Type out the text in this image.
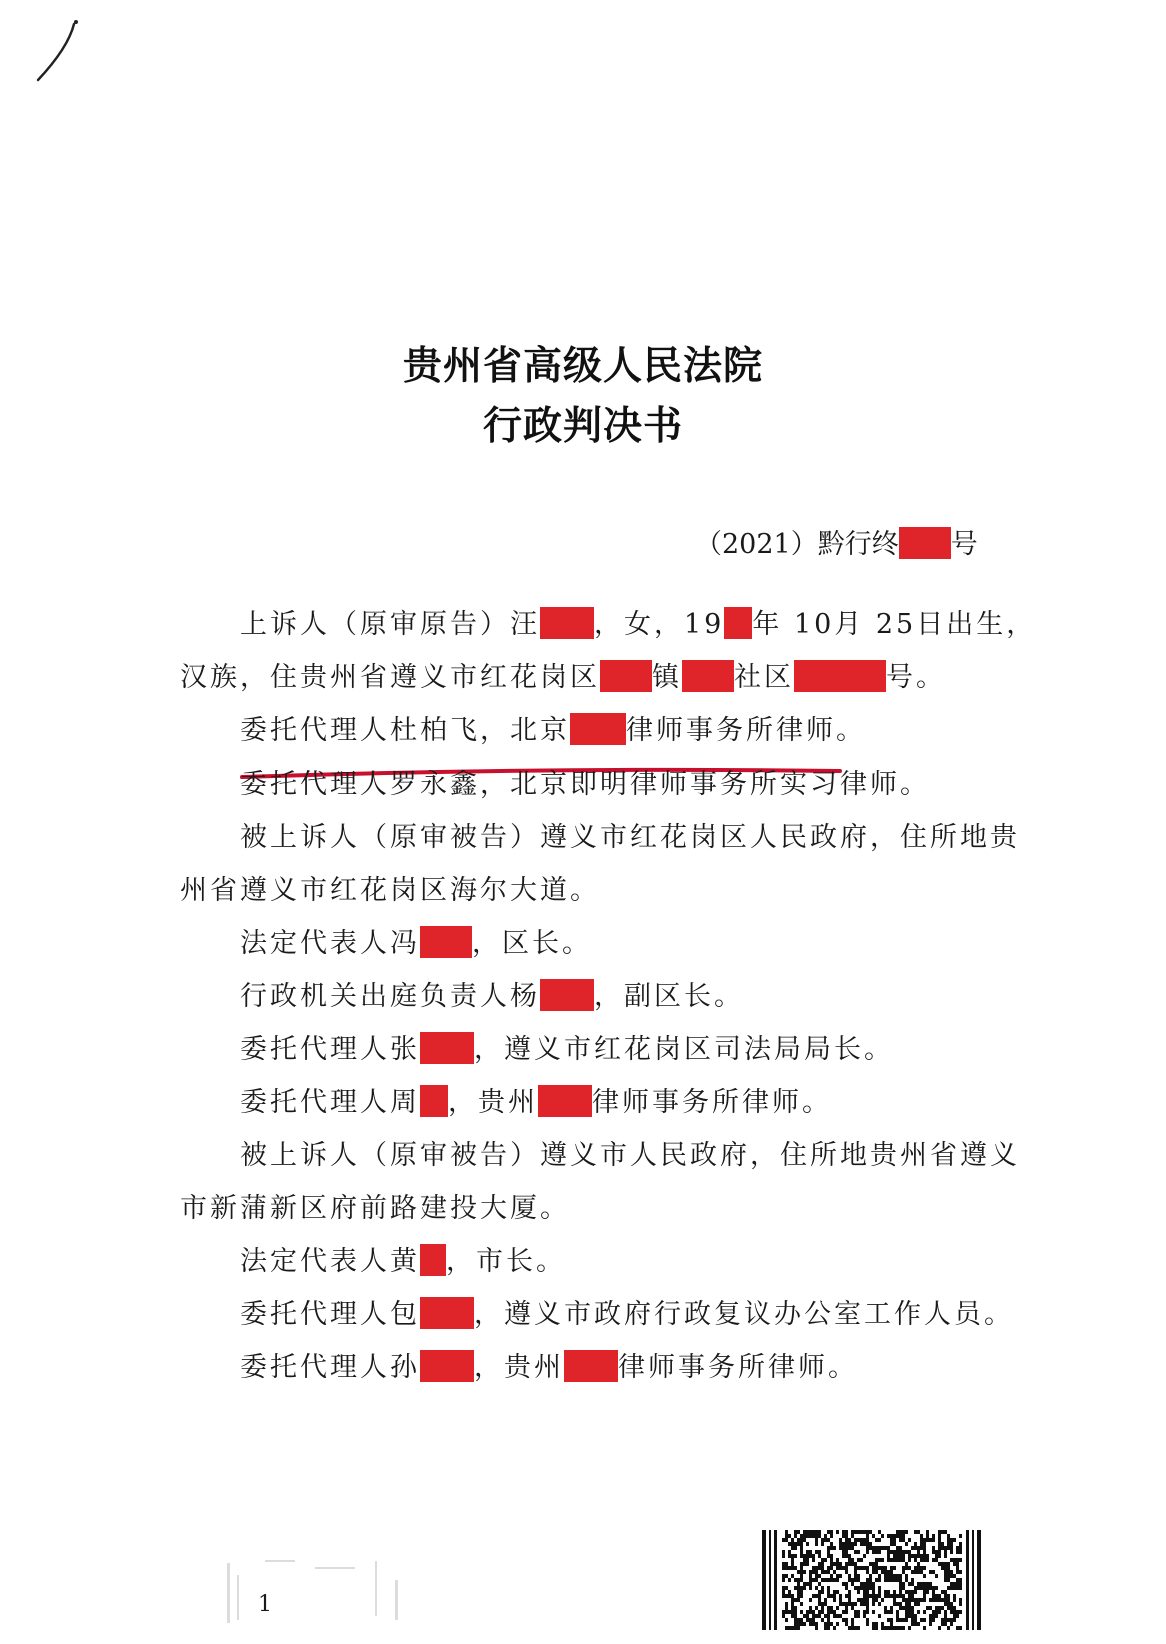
贵州省高级人民法院
行政判决书
（2021）黔行终 号
上诉人（原审原告）汪 ，女，19 年 10月 25日出生，
汉族，住贵州省遵义市红花岗区 镇 社区	号。
委托代理人杜柏飞，北京 律师事务所律师。
委托代理人罗永鑫，北京即明律师事务所实习律师。
被上诉人（原审被告）遵义市红花岗区人民政府，住所地贵
州省遵义市红花岗区海尔大道。
法定代表人冯 ，区长。
行政机关出庭负责人杨 ，副区长。
委托代理人张 ，遵义市红花岗区司法局局长。
委托代理人周 ，贵州 律师事务所律师。
被上诉人（原审被告）遵义市人民政府，住所地贵州省遵义
市新蒲新区府前路建投大厦。
法定代表人黄 ，市长。
委托代理人包 ，遵义市政府行政复议办公室工作人员。
委托代理人孙 ，贵州 律师事务所律师。
1
